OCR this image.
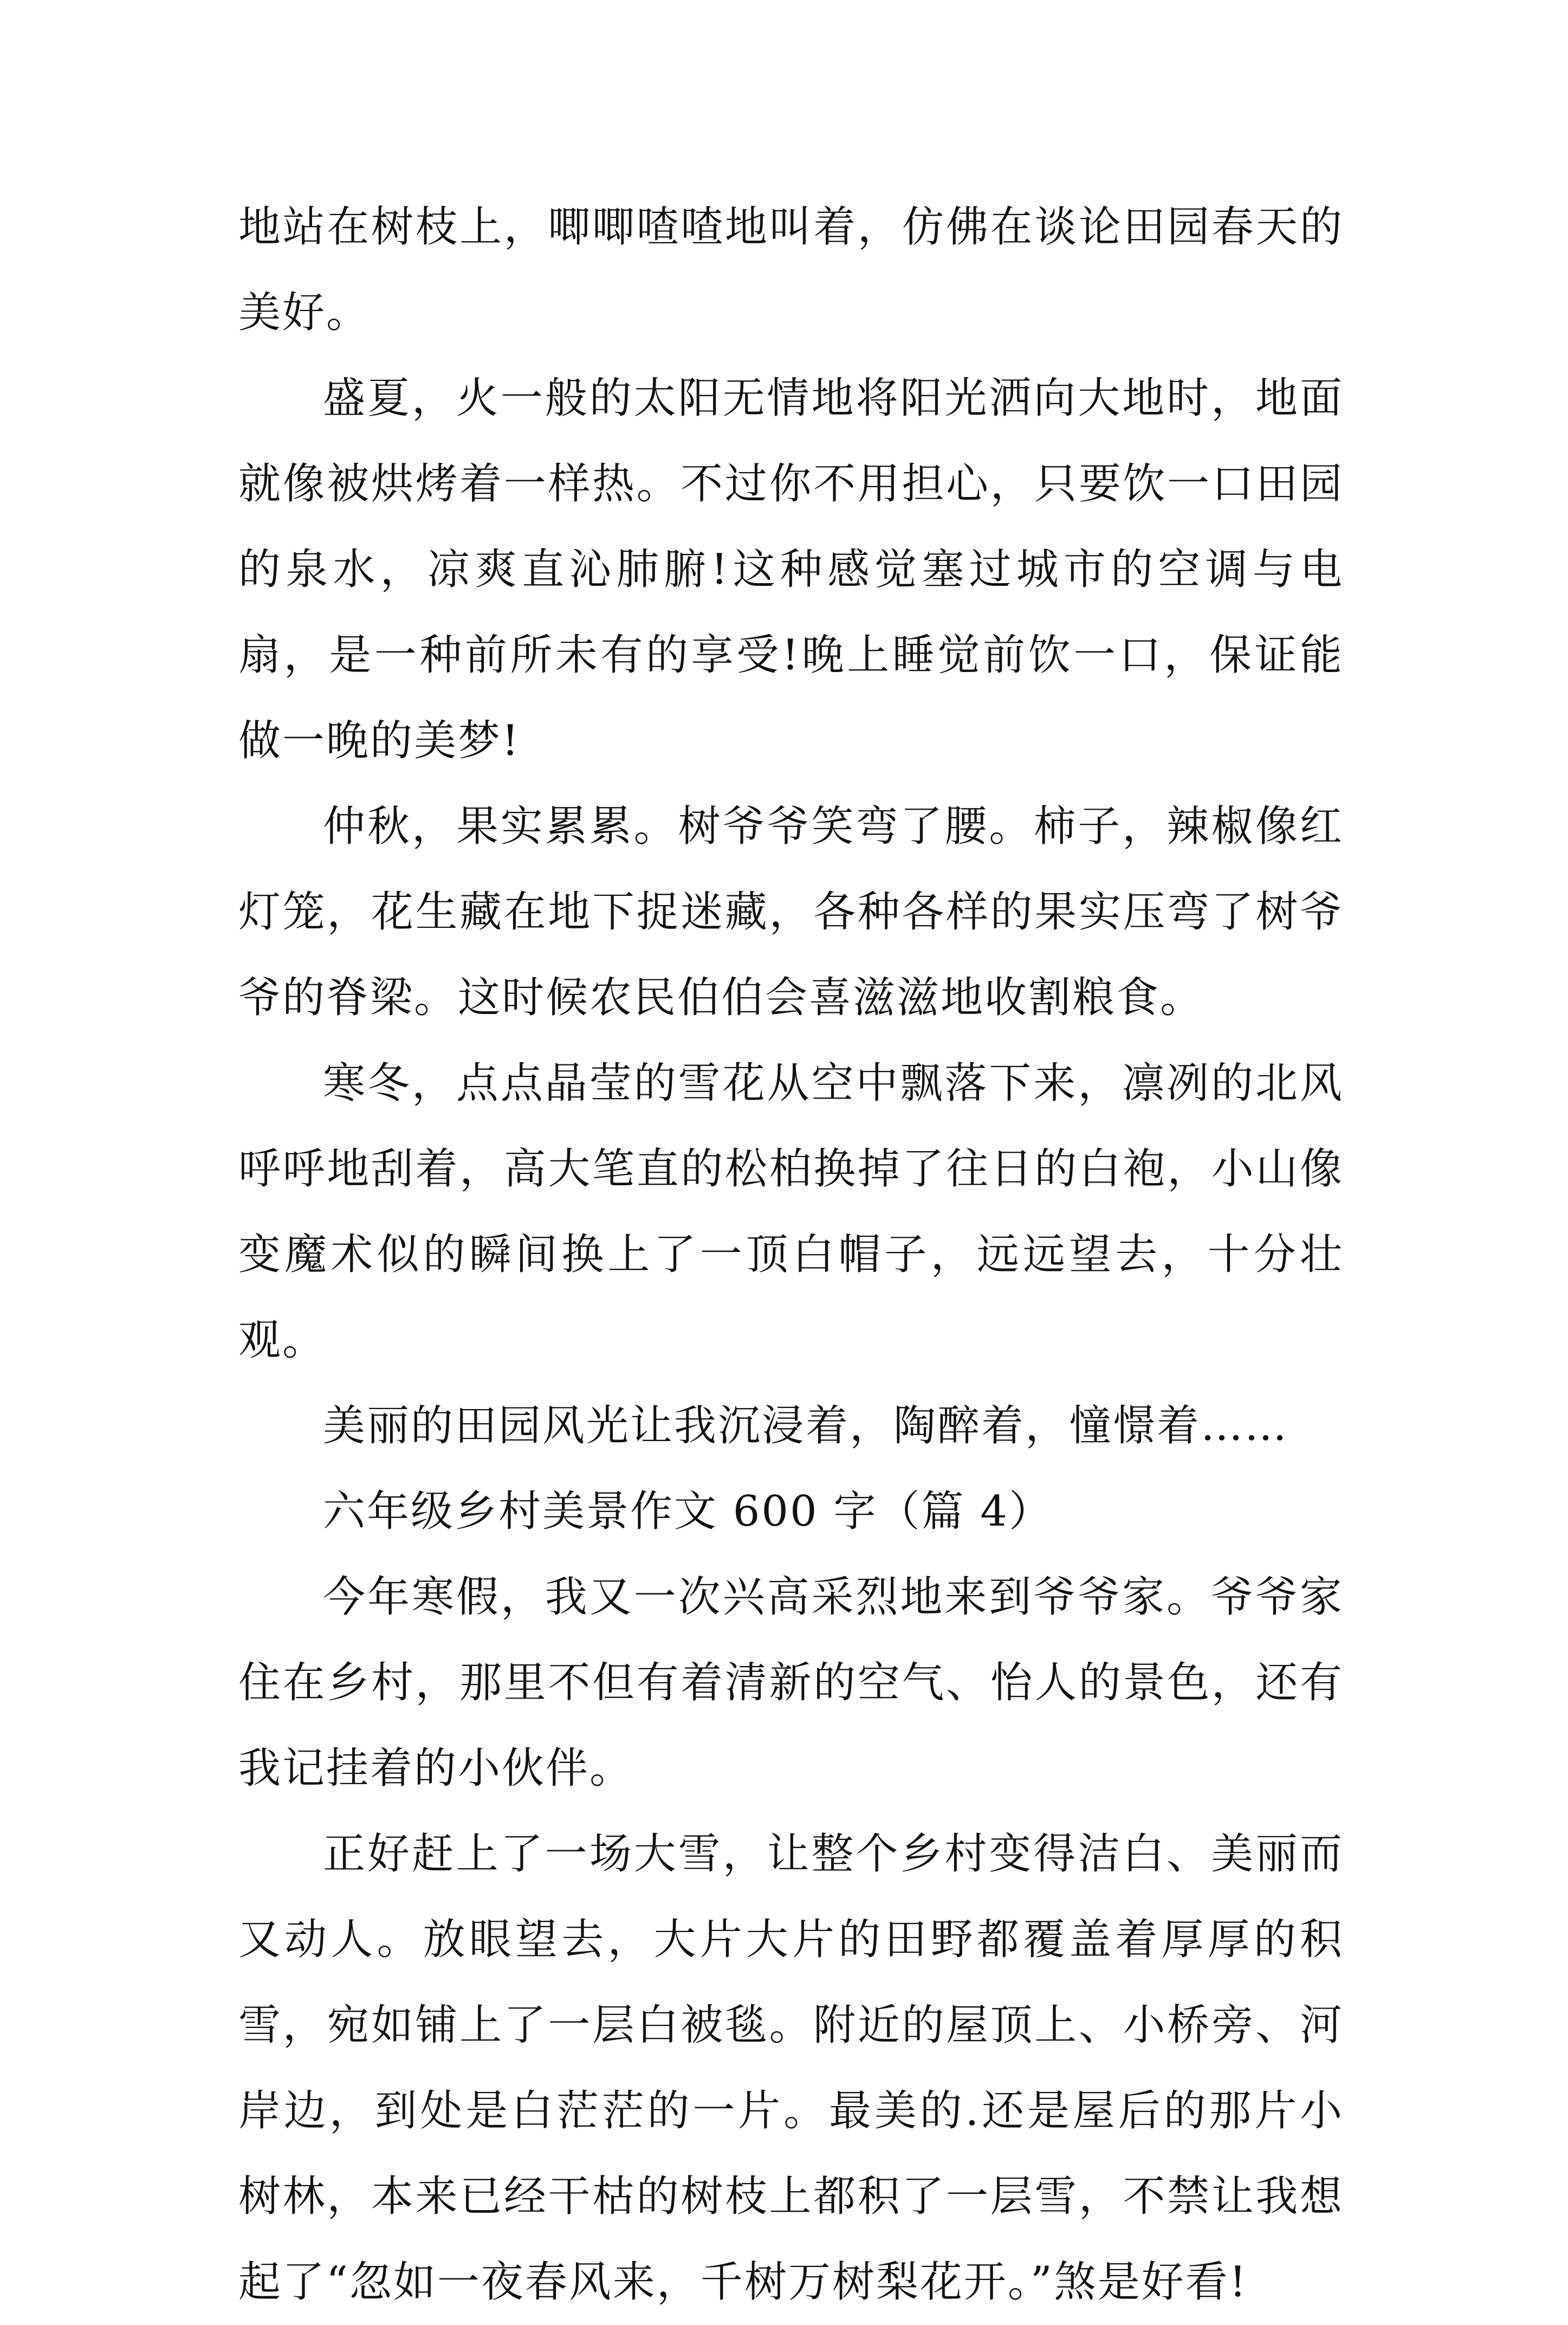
地站在树枝上，唧唧喳喳地叫着，仿佛在谈论田园春天的美好。

盛夏，火一般的太阳无情地将阳光洒向大地时，地面就像被烘烤着一样热。不过你不用担心，只要饮一口田园的泉水，凉爽直沁肺腑!这种感觉塞过城市的空调与电扇，是一种前所未有的享受!晚上睡觉前饮一口，保证能做一晚的美梦!

仲秋，果实累累。树爷爷笑弯了腰。柿子，辣椒像红灯笼，花生藏在地下捉迷藏，各种各样的果实压弯了树爷爷的脊梁。这时候农民伯伯会喜滋滋地收割粮食。

寒冬，点点晶莹的雪花从空中飘落下来，凛冽的北风呼呼地刮着，高大笔直的松柏换掉了往日的白袍，小山像变魔术似的瞬间换上了一顶白帽子，远远望去，十分壮观。

美丽的田园风光让我沉浸着，陶醉着，憧憬着……

六年级乡村美景作文 600 字（篇 4）

今年寒假，我又一次兴高采烈地来到爷爷家。爷爷家住在乡村，那里不但有着清新的空气、怡人的景色，还有我记挂着的小伙伴。

正好赶上了一场大雪，让整个乡村变得洁白、美丽而又动人。放眼望去，大片大片的田野都覆盖着厚厚的积雪，宛如铺上了一层白被毯。附近的屋顶上、小桥旁、河岸边，到处是白茫茫的一片。最美的.还是屋后的那片小树林，本来已经干枯的树枝上都积了一层雪，不禁让我想起了“忽如一夜春风来，千树万树梨花开。”煞是好看!
